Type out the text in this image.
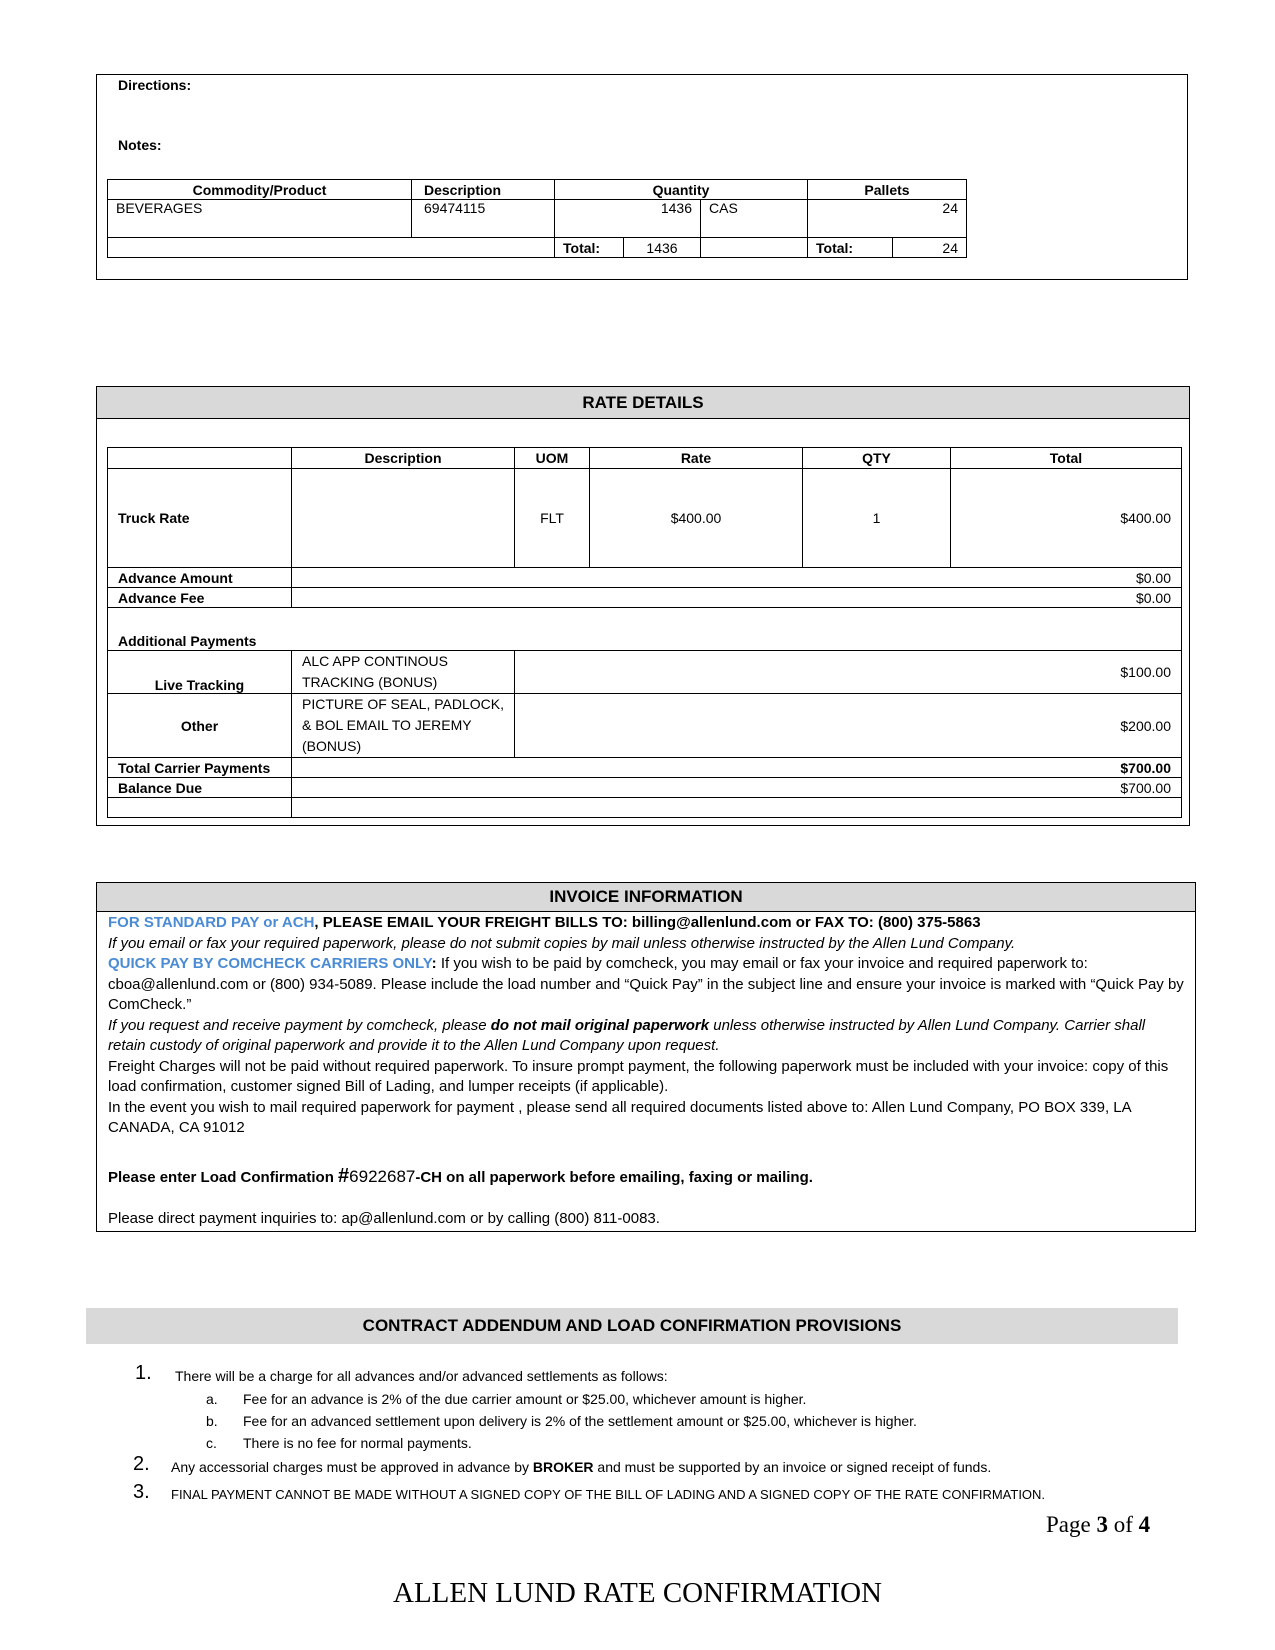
Directions:
Notes:
Commodity/Product	Description	Quantity			Pallets	
BEVERAGES	69474115	1436		CAS	24	
		Total:	1436		Total:	24
RATE DETAILS
	Description	UOM	Rate	QTY	Total
Truck Rate		FLT	$400.00	1	$400.00
Advance Amount	$0.00				
Advance Fee	$0.00				
Additional Payments					
Live Tracking	ALC APP CONTINOUS
TRACKING (BONUS)	$100.00			
Other	PICTURE OF SEAL, PADLOCK,
& BOL EMAIL TO JEREMY
(BONUS)	$200.00			
Total Carrier Payments	$700.00				
Balance Due	$700.00				

INVOICE INFORMATION
FOR STANDARD PAY or ACH, PLEASE EMAIL YOUR FREIGHT BILLS TO: billing@allenlund.com or FAX TO: (800) 375-5863
If you email or fax your required paperwork, please do not submit copies by mail unless otherwise instructed by the Allen Lund Company.
QUICK PAY BY COMCHECK CARRIERS ONLY: If you wish to be paid by comcheck, you may email or fax your invoice and required paperwork to: cboa@allenlund.com or (800) 934-5089. Please include the load number and “Quick Pay” in the subject line and ensure your invoice is marked with “Quick Pay by ComCheck.”
If you request and receive payment by comcheck, please do not mail original paperwork unless otherwise instructed by Allen Lund Company. Carrier shall retain custody of original paperwork and provide it to the Allen Lund Company upon request.
Freight Charges will not be paid without required paperwork. To insure prompt payment, the following paperwork must be included with your invoice: copy of this load confirmation, customer signed Bill of Lading, and lumper receipts (if applicable).
In the event you wish to mail required paperwork for payment , please send all required documents listed above to: Allen Lund Company, PO BOX 339, LA CANADA, CA 91012
Please enter Load Confirmation #6922687-CH on all paperwork before emailing, faxing or mailing.
Please direct payment inquiries to: ap@allenlund.com or by calling (800) 811-0083.
CONTRACT ADDENDUM AND LOAD CONFIRMATION PROVISIONS
1. There will be a charge for all advances and/or advanced settlements as follows:
a. Fee for an advance is 2% of the due carrier amount or $25.00, whichever amount is higher.
b. Fee for an advanced settlement upon delivery is 2% of the settlement amount or $25.00, whichever is higher.
c. There is no fee for normal payments.
2. Any accessorial charges must be approved in advance by BROKER and must be supported by an invoice or signed receipt of funds.
3. FINAL PAYMENT CANNOT BE MADE WITHOUT A SIGNED COPY OF THE BILL OF LADING AND A SIGNED COPY OF THE RATE CONFIRMATION.
Page 3 of 4
ALLEN LUND RATE CONFIRMATION
